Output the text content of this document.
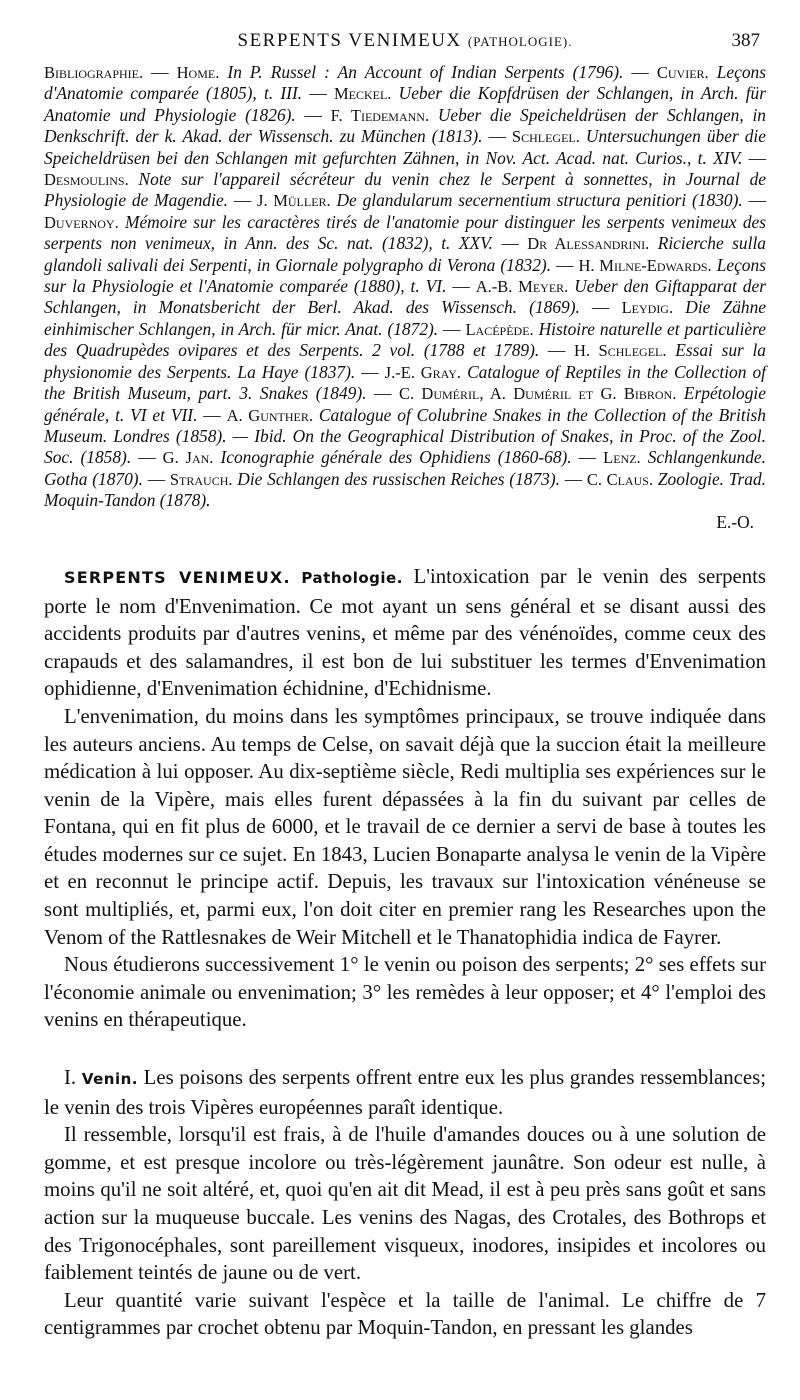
SERPENTS VENIMEUX (PATHOLOGIE).	387

Bibliographie. — Home. In P. Russel : An Account of Indian Serpents (1796). — Cuvier. Leçons d'Anatomie comparée (1805), t. III. — Meckel. Ueber die Kopfdrüsen der Schlangen, in Arch. für Anatomie und Physiologie (1826). — F. Tiedemann. Ueber die Speicheldrüsen der Schlangen, in Denkschrift. der k. Akad. der Wissensch. zu München (1813). — Schlegel. Untersuchungen über die Speicheldrüsen bei den Schlangen mit gefurchten Zähnen, in Nov. Act. Acad. nat. Curios., t. XIV. — Desmoulins. Note sur l'appareil sécréteur du venin chez le Serpent à sonnettes, in Journal de Physiologie de Magendie. — J. Müller. De glandularum secernentium structura penitiori (1830). — Duvernoy. Mémoire sur les caractères tirés de l'anatomie pour distinguer les serpents venimeux des serpents non venimeux, in Ann. des Sc. nat. (1832), t. XXV. — Dr Alessandrini. Ricierche sulla glandoli salivali dei Serpenti, in Giornale polygrapho di Verona (1832). — H. Milne-Edwards. Leçons sur la Physiologie et l'Anatomie comparée (1880), t. VI. — A.-B. Meyer. Ueber den Giftapparat der Schlangen, in Monatsbericht der Berl. Akad. des Wissensch. (1869). — Leydig. Die Zähne einhimischer Schlangen, in Arch. für micr. Anat. (1872). — Lacépède. Histoire naturelle et particulière des Quadrupèdes ovipares et des Serpents. 2 vol. (1788 et 1789). — H. Schlegel. Essai sur la physionomie des Serpents. La Haye (1837). — J.-E. Gray. Catalogue of Reptiles in the Collection of the British Museum, part. 3. Snakes (1849). — C. Duméril, A. Duméril et G. Bibron. Erpétologie générale, t. VI et VII. — A. Gunther. Catalogue of Colubrine Snakes in the Collection of the British Museum. Londres (1858). — Ibid. On the Geographical Distribution of Snakes, in Proc. of the Zool. Soc. (1858). — G. Jan. Iconographie générale des Ophidiens (1860-68). — Lenz. Schlangenkunde. Gotha (1870). — Strauch. Die Schlangen des russischen Reiches (1873). — C. Claus. Zoologie. Trad. Moquin-Tandon (1878).

E.-O.

SERPENTS VENIMEUX. Pathologie. L'intoxication par le venin des serpents porte le nom d'Envenimation. Ce mot ayant un sens général et se disant aussi des accidents produits par d'autres venins, et même par des vénénoïdes, comme ceux des crapauds et des salamandres, il est bon de lui substituer les termes d'Envenimation ophidienne, d'Envenimation échidnine, d'Echidnisme.

L'envenimation, du moins dans les symptômes principaux, se trouve indiquée dans les auteurs anciens. Au temps de Celse, on savait déjà que la succion était la meilleure médication à lui opposer. Au dix-septième siècle, Redi multiplia ses expériences sur le venin de la Vipère, mais elles furent dépassées à la fin du suivant par celles de Fontana, qui en fit plus de 6000, et le travail de ce dernier a servi de base à toutes les études modernes sur ce sujet. En 1843, Lucien Bonaparte analysa le venin de la Vipère et en reconnut le principe actif. Depuis, les travaux sur l'intoxication vénéneuse se sont multipliés, et, parmi eux, l'on doit citer en premier rang les Researches upon the Venom of the Rattlesnakes de Weir Mitchell et le Thanatophidia indica de Fayrer.

Nous étudierons successivement 1° le venin ou poison des serpents; 2° ses effets sur l'économie animale ou envenimation; 3° les remèdes à leur opposer; et 4° l'emploi des venins en thérapeutique.

I. Venin. Les poisons des serpents offrent entre eux les plus grandes ressemblances; le venin des trois Vipères européennes paraît identique.

Il ressemble, lorsqu'il est frais, à de l'huile d'amandes douces ou à une solution de gomme, et est presque incolore ou très-légèrement jaunâtre. Son odeur est nulle, à moins qu'il ne soit altéré, et, quoi qu'en ait dit Mead, il est à peu près sans goût et sans action sur la muqueuse buccale. Les venins des Nagas, des Crotales, des Bothrops et des Trigonocéphales, sont pareillement visqueux, inodores, insipides et incolores ou faiblement teintés de jaune ou de vert.

Leur quantité varie suivant l'espèce et la taille de l'animal. Le chiffre de 7 centigrammes par crochet obtenu par Moquin-Tandon, en pressant les glandes
